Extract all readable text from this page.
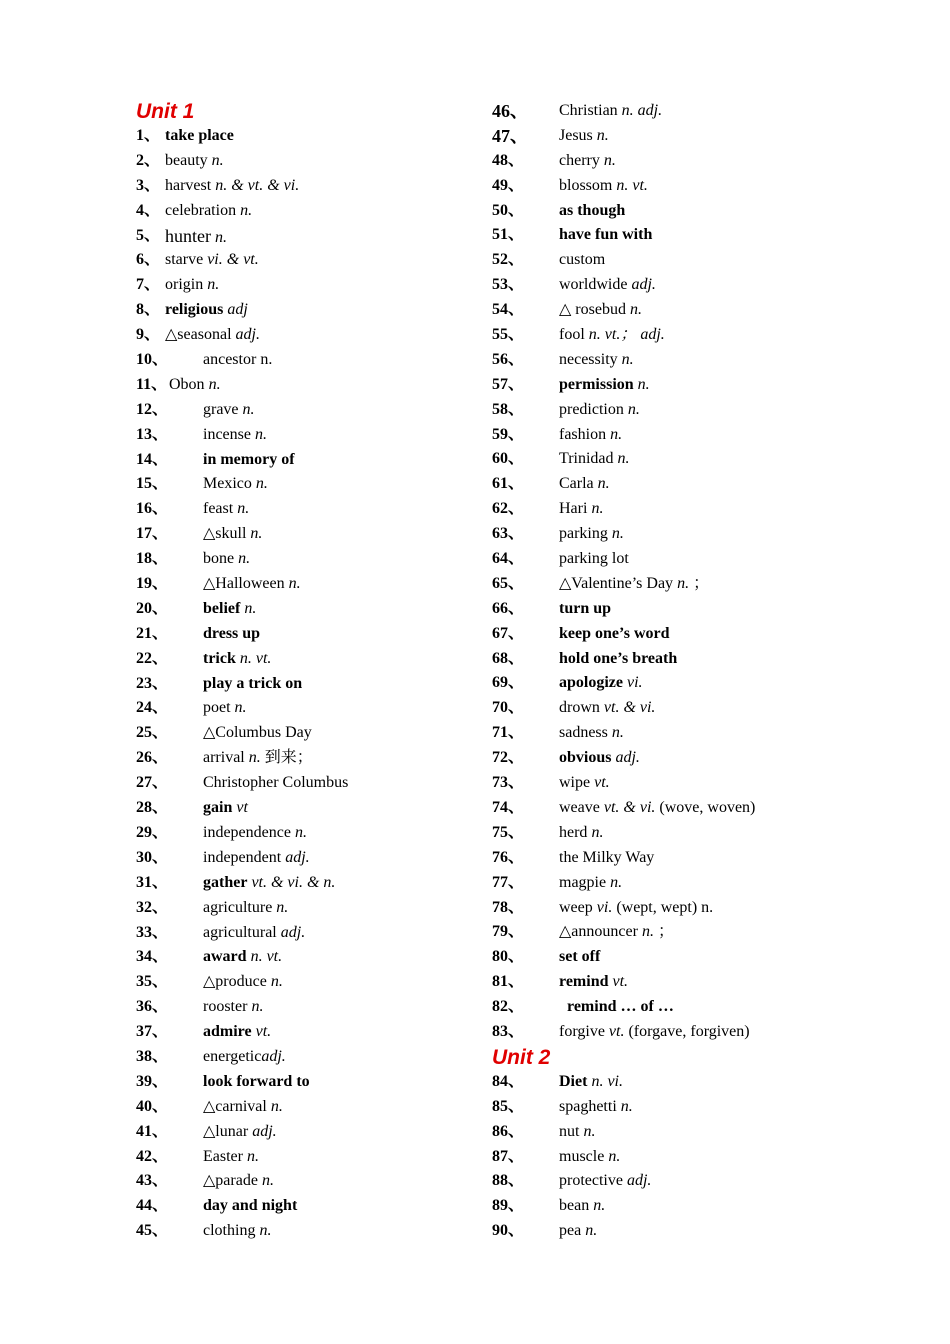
Unit 1
1、 take place
2、 beauty n.
3、 harvest n. & vt. & vi.
4、 celebration n.
5、 hunter n.
6、 starve vi. & vt.
7、 origin n.
8、 religious adj
9、 △seasonal adj.
10、 ancestor n.
11、 Obon n.
12、 grave n.
13、 incense n.
14、 in memory of
15、 Mexico n.
16、 feast n.
17、 △skull n.
18、 bone n.
19、 △Halloween n.
20、 belief n.
21、 dress up
22、 trick n. vt.
23、 play a trick on
24、 poet n.
25、 △Columbus Day
26、 arrival n. 到来；
27、 Christopher Columbus
28、 gain vt
29、 independence n.
30、 independent adj.
31、 gather vt. & vi. & n.
32、 agriculture n.
33、 agricultural adj.
34、 award n. vt.
35、 △produce n.
36、 rooster n.
37、 admire vt.
38、 energeticadj.
39、 look forward to
40、 △carnival n.
41、 △lunar adj.
42、 Easter n.
43、 △parade n.
44、 day and night
45、 clothing n.
46、 Christian n. adj.
47、 Jesus n.
48、 cherry n.
49、 blossom n. vt.
50、 as though
51、 have fun with
52、 custom
53、 worldwide adj.
54、 △ rosebud n.
55、 fool n. vt.； adj.
56、 necessity n.
57、 permission n.
58、 prediction n.
59、 fashion n.
60、 Trinidad n.
61、 Carla n.
62、 Hari n.
63、 parking n.
64、 parking lot
65、 △Valentine’s Day n. ；
66、 turn up
67、 keep one’s word
68、 hold one’s breath
69、 apologize vi.
70、 drown vt. & vi.
71、 sadness n.
72、 obvious adj.
73、 wipe vt.
74、 weave vt. & vi. (wove, woven)
75、 herd n.
76、 the Milky Way
77、 magpie n.
78、 weep vi. (wept, wept) n.
79、 △announcer n. ；
80、 set off
81、 remind vt.
82、	remind … of …
83、 forgive vt. (forgave, forgiven)
Unit 2
84、 Diet n. vi.
85、 spaghetti n.
86、 nut n.
87、 muscle n.
88、 protective adj.
89、 bean n.
90、 pea n.
